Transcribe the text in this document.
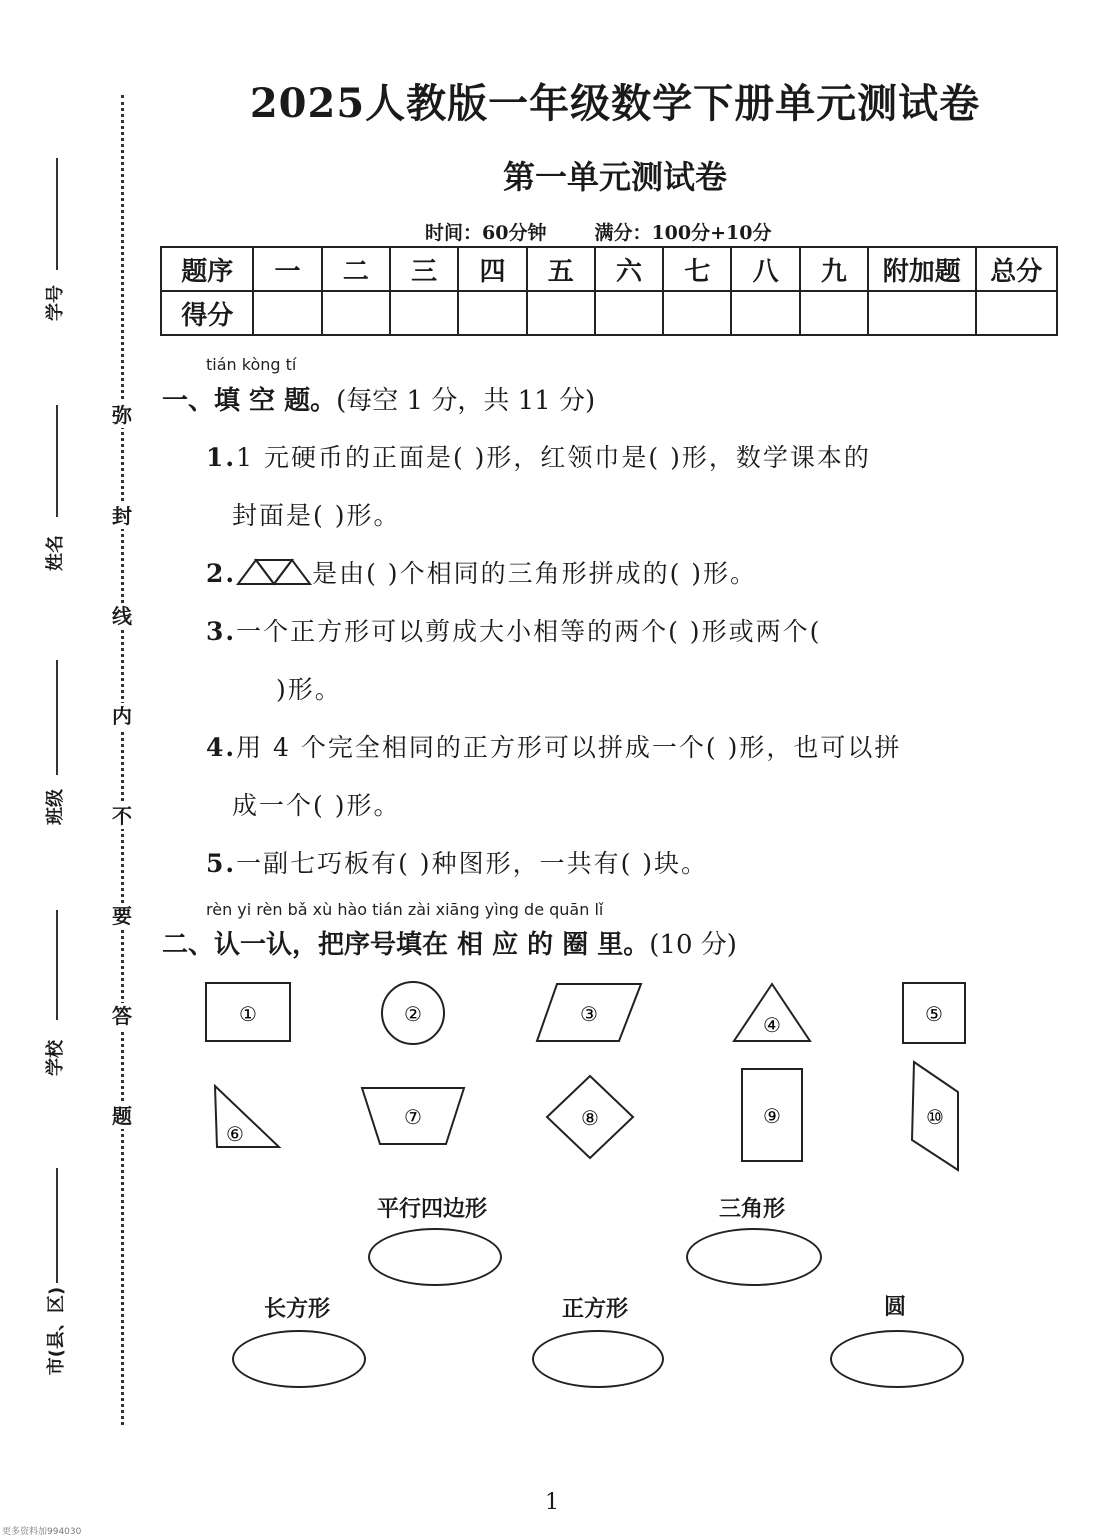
弥
封
线
内
不
要
答
题
学号
姓名
班级
学校
市(县、区)
2025人教版一年级数学下册单元测试卷
第一单元测试卷
时间：60分钟	满分：100分+10分
题序	一	二	三	四	五	六	七	八	九	附加题	总分
得分											
tián kòng tí
一、填 空 题。(每空 1 分，共 11 分)
1.1 元硬币的正面是( )形，红领巾是( )形，数学课本的
封面是( )形。
2.	是由( )个相同的三角形拼成的( )形。
3.一个正方形可以剪成大小相等的两个( )形或两个(
)形。
4.用 4 个完全相同的正方形可以拼成一个( )形，也可以拼
成一个( )形。
5.一副七巧板有( )种图形，一共有( )块。
rèn yi rèn bǎ xù hào tián zài xiāng yìng de quān lǐ
二、认一认，把序号填在 相 应 的 圈 里。(10 分)
①	②	③	④	⑤
⑥
⑦	⑧	⑨	⑩
平行四边形	三角形
长方形	正方形	圆
1
更多资料加994030
